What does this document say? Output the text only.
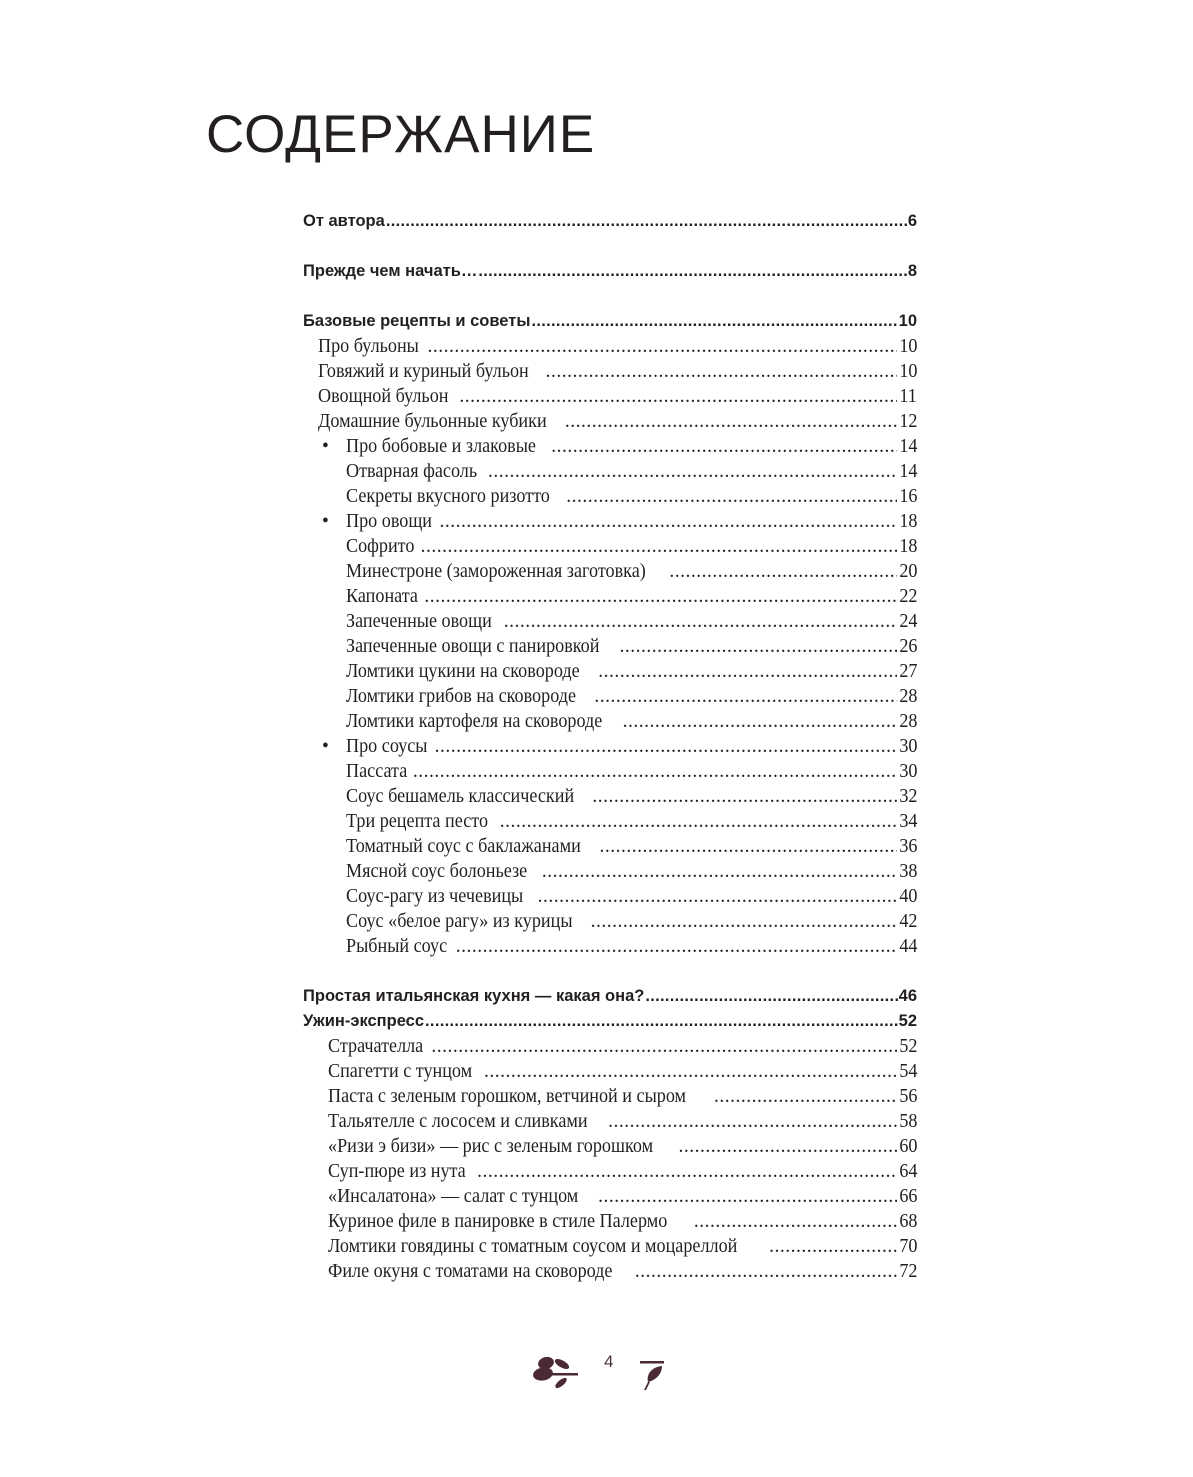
СОДЕРЖАНИЕ
От автора .....	6
Прежде чем начать… .....	8
Базовые рецепты и советы .....	10
Про бульоны .....	10
Говяжий и куриный бульон .....	10
Овощной бульон .....	11
Домашние бульонные кубики .....	12
• Про бобовые и злаковые .....	14
Отварная фасоль .....	14
Секреты вкусного ризотто .....	16
• Про овощи .....	18
Софрито .....	18
Минестроне (замороженная заготовка) .....	20
Капоната .....	22
Запеченные овощи .....	24
Запеченные овощи с панировкой .....	26
Ломтики цукини на сковороде .....	27
Ломтики грибов на сковороде .....	28
Ломтики картофеля на сковороде .....	28
• Про соусы .....	30
Пассата .....	30
Соус бешамель классический .....	32
Три рецепта песто .....	34
Томатный соус с баклажанами .....	36
Мясной соус болоньезе .....	38
Соус-рагу из чечевицы .....	40
Соус «белое рагу» из курицы .....	42
Рыбный соус .....	44
Простая итальянская кухня — какая она? .....	46
Ужин-экспресс .....	52
Страчателла .....	52
Спагетти с тунцом .....	54
Паста с зеленым горошком, ветчиной и сыром .....	56
Тальятелле с лососем и сливками .....	58
«Ризи э бизи» — рис с зеленым горошком .....	60
Суп-пюре из нута .....	64
«Инсалатона» — салат с тунцом .....	66
Куриное филе в панировке в стиле Палермо .....	68
Ломтики говядины с томатным соусом и моцареллой .....	70
Филе окуня с томатами на сковороде .....	72
4
